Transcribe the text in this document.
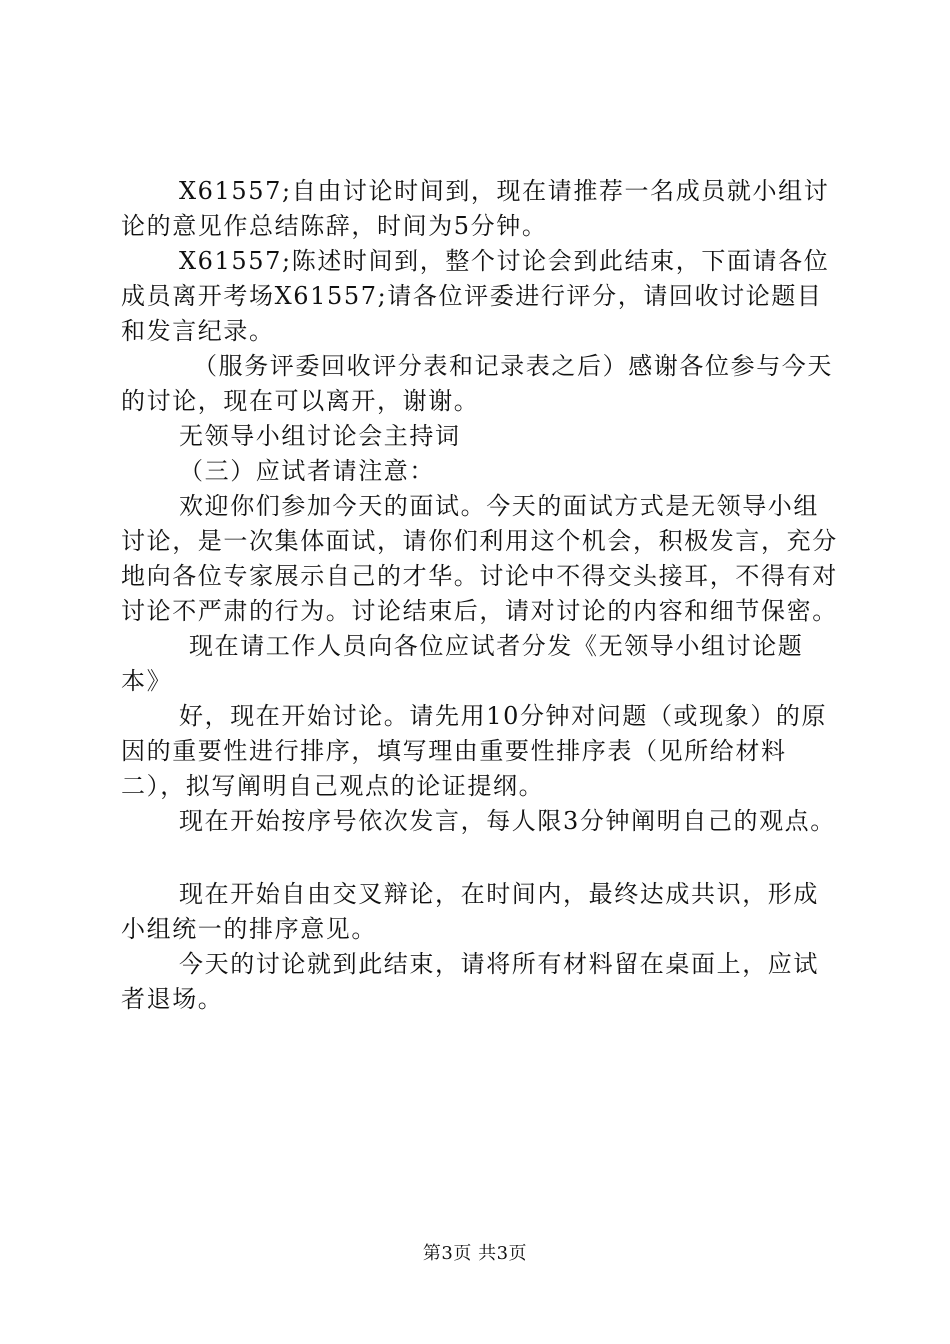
X61557;自由讨论时间到，现在请推荐一名成员就小组讨论的意见作总结陈辞，时间为5分钟。

X61557;陈述时间到，整个讨论会到此结束，下面请各位成员离开考场X61557;请各位评委进行评分，请回收讨论题目和发言纪录。

（服务评委回收评分表和记录表之后）感谢各位参与今天的讨论，现在可以离开，谢谢。

无领导小组讨论会主持词

（三）应试者请注意：

欢迎你们参加今天的面试。今天的面试方式是无领导小组讨论，是一次集体面试，请你们利用这个机会，积极发言，充分地向各位专家展示自己的才华。讨论中不得交头接耳，不得有对讨论不严肃的行为。讨论结束后，请对讨论的内容和细节保密。

现在请工作人员向各位应试者分发《无领导小组讨论题本》

好，现在开始讨论。请先用10分钟对问题（或现象）的原因的重要性进行排序，填写理由重要性排序表（见所给材料二），拟写阐明自己观点的论证提纲。

现在开始按序号依次发言，每人限3分钟阐明自己的观点。

现在开始自由交叉辩论，在时间内，最终达成共识，形成小组统一的排序意见。

今天的讨论就到此结束，请将所有材料留在桌面上，应试者退场。

第3页 共3页
